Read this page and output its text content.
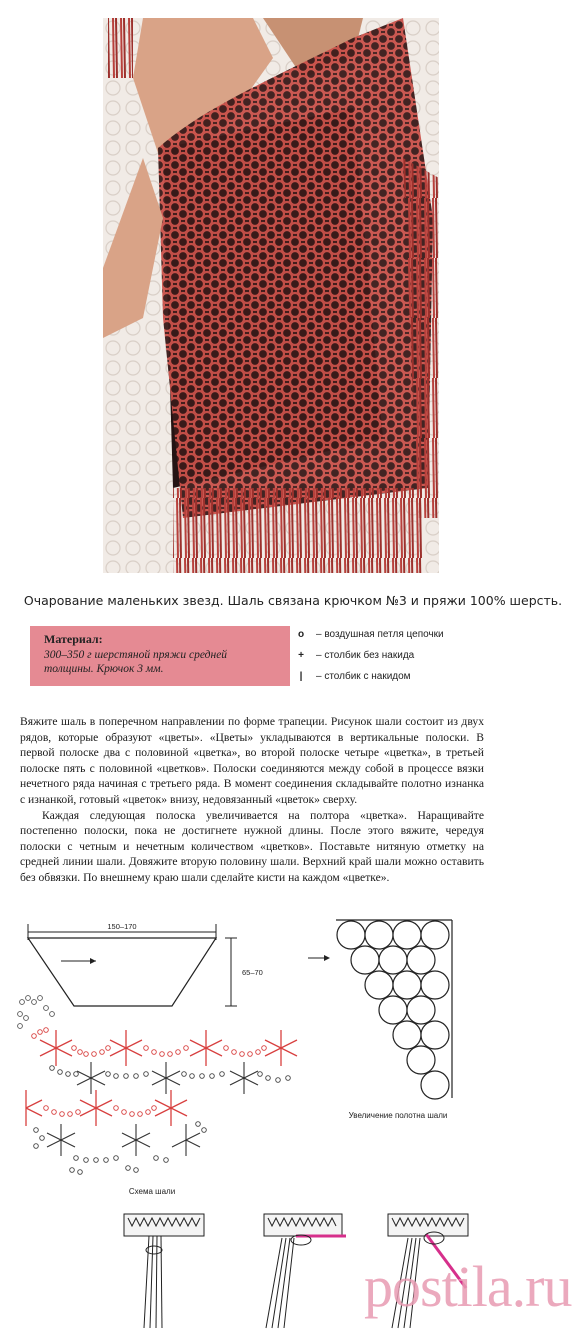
Очарование маленьких звезд. Шаль связана крючком №3 и пряжи 100% шерсть.
Материал:
300–350 г шерстяной пряжи средней толщины. Крючок 3 мм.
o	– воздушная петля цепочки
+	– столбик без накида
|	– столбик с накидом

Вяжите шаль в поперечном направлении по форме трапеции. Рисунок шали состоит из двух рядов, которые образуют «цветы». «Цветы» укладываются в вертикальные полоски. В первой полоске два с половиной «цветка», во второй полоске четыре «цветка», в третьей полоске пять с половиной «цветков». Полоски соединяются между собой в процессе вязки нечетного ряда начиная с третьего ряда. В момент соединения складывайте полотно изнанка с изнанкой, готовый «цветок» внизу, недовязанный «цветок» сверху.

Каждая следующая полоска увеличивается на полтора «цветка». Наращивайте постепенно полоски, пока не достигнете нужной длины. После этого вяжите, чередуя полоски с четным и нечетным количеством «цветков». Поставьте нитяную отметку на средней линии шали. Довяжите вторую половину шали. Верхний край шали можно оставить без обвязки. По внешнему краю шали сделайте кисти на каждом «цветке».

150–170
65–70
Увеличение полотна шали
Схема шали
postila.ru
